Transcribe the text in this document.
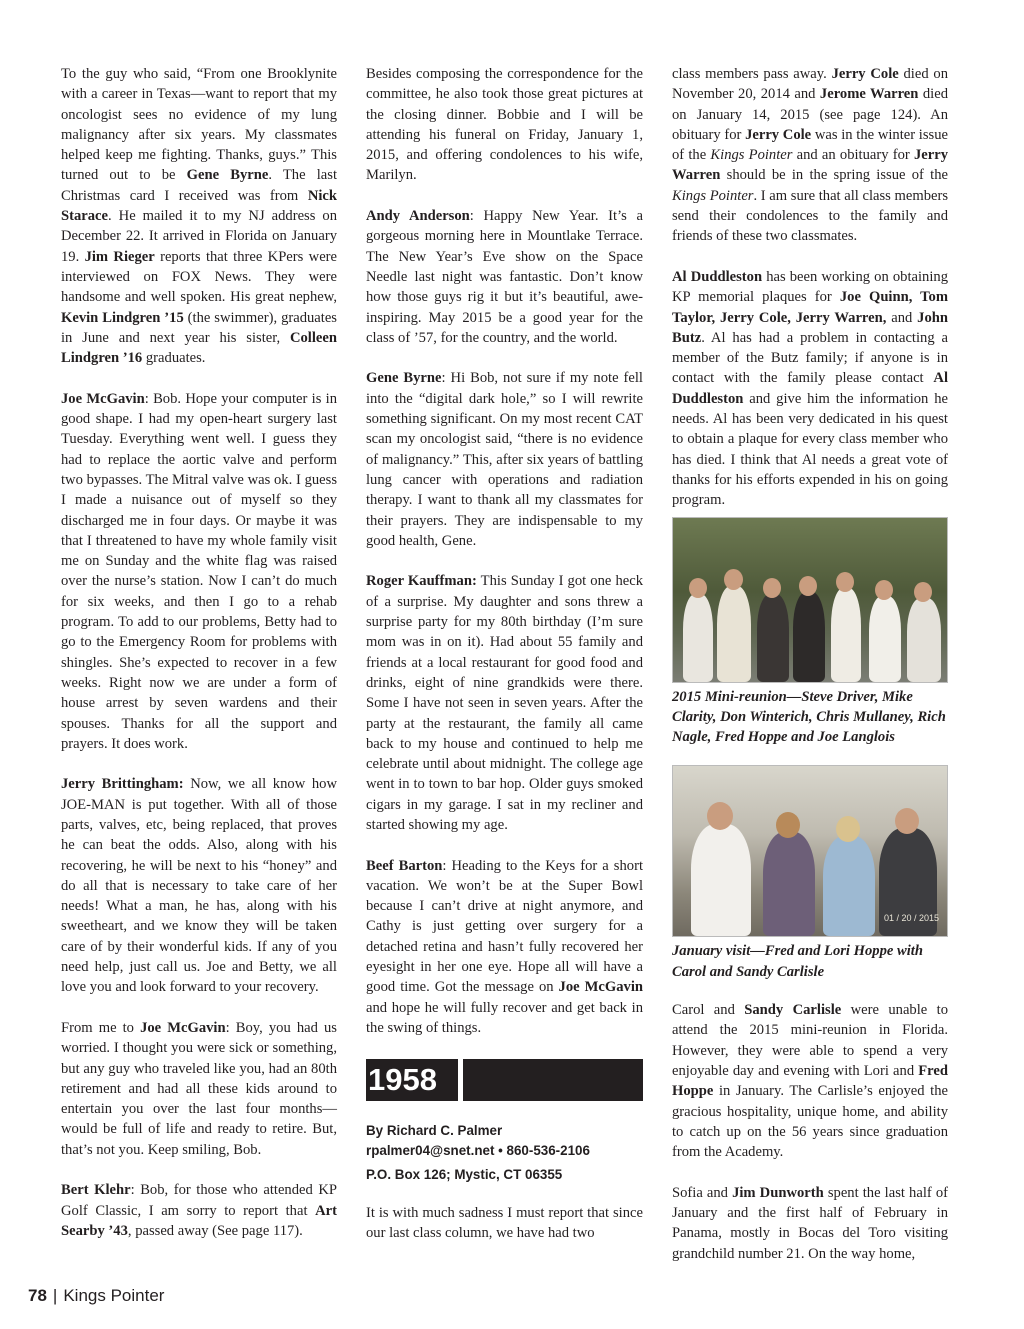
To the guy who said, “From one Brooklynite with a career in Texas—want to report that my oncologist sees no evidence of my lung malignancy after six years. My classmates helped keep me fighting. Thanks, guys.” This turned out to be Gene Byrne. The last Christmas card I received was from Nick Starace. He mailed it to my NJ address on December 22. It arrived in Florida on January 19. Jim Rieger reports that three KPers were interviewed on FOX News. They were handsome and well spoken. His great nephew, Kevin Lindgren ’15 (the swimmer), graduates in June and next year his sister, Colleen Lindgren ’16 graduates.

Joe McGavin: Bob. Hope your computer is in good shape. I had my open-heart surgery last Tuesday. Everything went well. I guess they had to replace the aortic valve and perform two bypasses. The Mitral valve was ok. I guess I made a nuisance out of myself so they discharged me in four days. Or maybe it was that I threatened to have my whole family visit me on Sunday and the white flag was raised over the nurse’s station. Now I can’t do much for six weeks, and then I go to a rehab program. To add to our problems, Betty had to go to the Emergency Room for problems with shingles. She’s expected to recover in a few weeks. Right now we are under a form of house arrest by seven wardens and their spouses. Thanks for all the support and prayers. It does work.

Jerry Brittingham: Now, we all know how JOE-MAN is put together. With all of those parts, valves, etc, being replaced, that proves he can beat the odds. Also, along with his recovering, he will be next to his “honey” and do all that is necessary to take care of her needs! What a man, he has, along with his sweetheart, and we know they will be taken care of by their wonderful kids. If any of you need help, just call us. Joe and Betty, we all love you and look forward to your recovery.

From me to Joe McGavin: Boy, you had us worried. I thought you were sick or something, but any guy who traveled like you, had an 80th retirement and had all these kids around to entertain you over the last four months—would be full of life and ready to retire. But, that’s not you. Keep smiling, Bob.

Bert Klehr: Bob, for those who attended KP Golf Classic, I am sorry to report that Art Searby ’43, passed away (See page 117).

Besides composing the correspondence for the committee, he also took those great pictures at the closing dinner. Bobbie and I will be attending his funeral on Friday, January 1, 2015, and offering condolences to his wife, Marilyn.

Andy Anderson: Happy New Year. It’s a gorgeous morning here in Mountlake Terrace. The New Year’s Eve show on the Space Needle last night was fantastic. Don’t know how those guys rig it but it’s beautiful, awe-inspiring. May 2015 be a good year for the class of ’57, for the country, and the world.

Gene Byrne: Hi Bob, not sure if my note fell into the “digital dark hole,” so I will rewrite something significant. On my most recent CAT scan my oncologist said, “there is no evidence of malignancy.” This, after six years of battling lung cancer with operations and radiation therapy. I want to thank all my classmates for their prayers. They are indispensable to my good health, Gene.

Roger Kauffman: This Sunday I got one heck of a surprise. My daughter and sons threw a surprise party for my 80th birthday (I’m sure mom was in on it). Had about 55 family and friends at a local restaurant for good food and drinks, eight of nine grandkids were there. Some I have not seen in seven years. After the party at the restaurant, the family all came back to my house and continued to help me celebrate until about midnight. The college age went in to town to bar hop. Older guys smoked cigars in my garage. I sat in my recliner and started showing my age.

Beef Barton: Heading to the Keys for a short vacation. We won’t be at the Super Bowl because I can’t drive at night anymore, and Cathy is just getting over surgery for a detached retina and hasn’t fully recovered her eyesight in her one eye. Hope all will have a good time. Got the message on Joe McGavin and hope he will fully recover and get back in the swing of things.

1958
By Richard C. Palmer
rpalmer04@snet.net • 860-536-2106
P.O. Box 126; Mystic, CT 06355

It is with much sadness I must report that since our last class column, we have had two

class members pass away. Jerry Cole died on November 20, 2014 and Jerome Warren died on January 14, 2015 (see page 124). An obituary for Jerry Cole was in the winter issue of the Kings Pointer and an obituary for Jerry Warren should be in the spring issue of the Kings Pointer. I am sure that all class members send their condolences to the family and friends of these two classmates.

Al Duddleston has been working on obtaining KP memorial plaques for Joe Quinn, Tom Taylor, Jerry Cole, Jerry Warren, and John Butz. Al has had a problem in contacting a member of the Butz family; if anyone is in contact with the family please contact Al Duddleston and give him the information he needs. Al has been very dedicated in his quest to obtain a plaque for every class member who has died. I think that Al needs a great vote of thanks for his efforts expended in his on going program.

2015 Mini-reunion—Steve Driver, Mike Clarity, Don Winterich, Chris Mullaney, Rich Nagle, Fred Hoppe and Joe Langlois
01 / 20 / 2015
January visit—Fred and Lori Hoppe with Carol and Sandy Carlisle

Carol and Sandy Carlisle were unable to attend the 2015 mini-reunion in Florida. However, they were able to spend a very enjoyable day and evening with Lori and Fred Hoppe in January. The Carlisle’s enjoyed the gracious hospitality, unique home, and ability to catch up on the 56 years since graduation from the Academy.

Sofia and Jim Dunworth spent the last half of January and the first half of February in Panama, mostly in Bocas del Toro visiting grandchild number 21. On the way home,

78 | Kings Pointer
